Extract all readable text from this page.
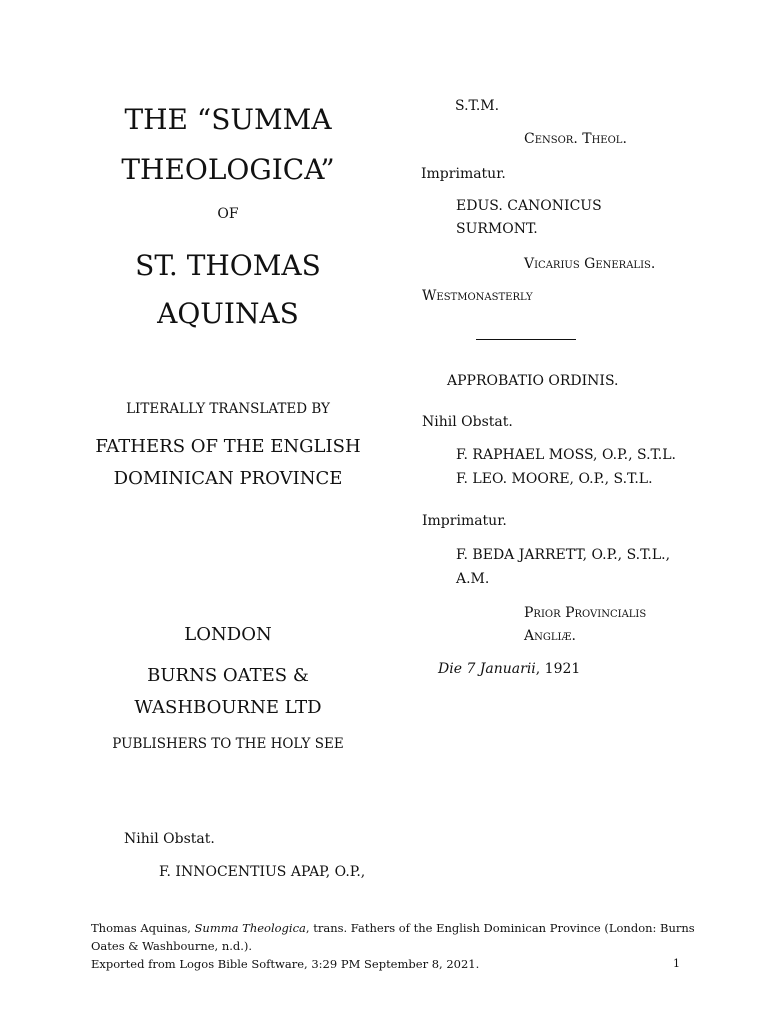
THE “SUMMA
THEOLOGICA”
OF
ST. THOMAS
AQUINAS
LITERALLY TRANSLATED BY
FATHERS OF THE ENGLISH
DOMINICAN PROVINCE
LONDON
BURNS OATES &
WASHBOURNE LTD
PUBLISHERS TO THE HOLY SEE
Nihil Obstat.
F. INNOCENTIUS APAP, O.P.,
S.T.M.
Censor. Theol.
Imprimatur.
EDUS. CANONICUS
SURMONT.
Vicarius Generalis.
Westmonasterly
APPROBATIO ORDINIS.
Nihil Obstat.
F. RAPHAEL MOSS, O.P., S.T.L.
F. LEO. MOORE, O.P., S.T.L.
Imprimatur.
F. BEDA JARRETT, O.P., S.T.L.,
A.M.
Prior Provincialis
Angliæ.
Die 7 Januarii, 1921
Thomas Aquinas, Summa Theologica, trans. Fathers of the English Dominican Province (London: Burns
Oates & Washbourne, n.d.).
Exported from Logos Bible Software, 3:29 PM September 8, 2021.	1
